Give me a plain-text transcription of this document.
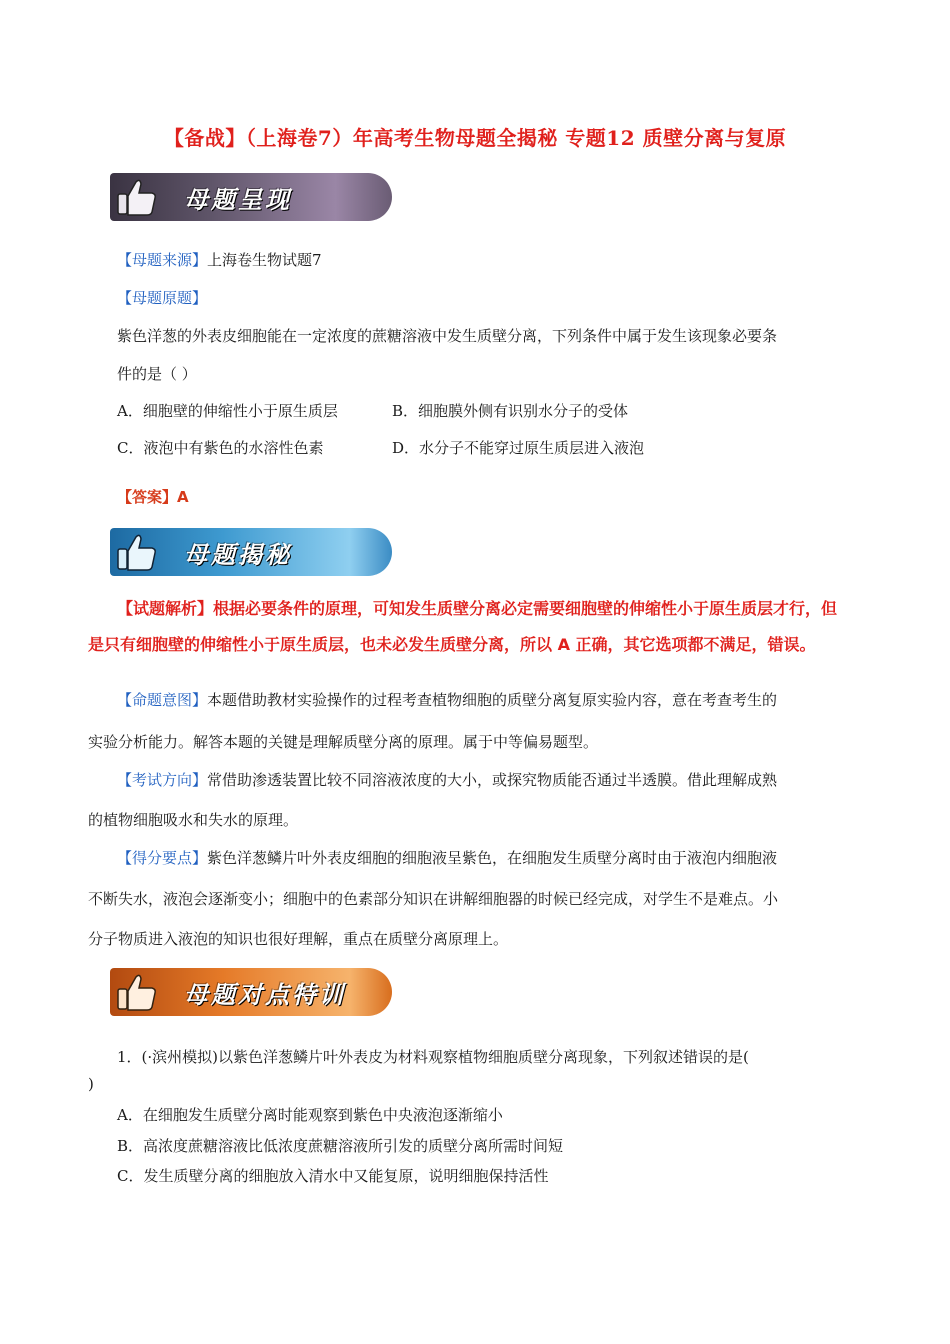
【备战】（上海卷7）年高考生物母题全揭秘 专题12 质壁分离与复原
母题呈现
【母题来源】上海卷生物试题7
【母题原题】
紫色洋葱的外表皮细胞能在一定浓度的蔗糖溶液中发生质壁分离，下列条件中属于发生该现象必要条
件的是（ ）
A．细胞壁的伸缩性小于原生质层	B．细胞膜外侧有识别水分子的受体
C．液泡中有紫色的水溶性色素	D．水分子不能穿过原生质层进入液泡
【答案】A
母题揭秘
【试题解析】根据必要条件的原理，可知发生质壁分离必定需要细胞壁的伸缩性小于原生质层才行，但
是只有细胞壁的伸缩性小于原生质层，也未必发生质壁分离，所以 A 正确，其它选项都不满足，错误。
【命题意图】本题借助教材实验操作的过程考查植物细胞的质壁分离复原实验内容，意在考查考生的
实验分析能力。解答本题的关键是理解质壁分离的原理。属于中等偏易题型。
【考试方向】常借助渗透装置比较不同溶液浓度的大小，或探究物质能否通过半透膜。借此理解成熟
的植物细胞吸水和失水的原理。
【得分要点】紫色洋葱鳞片叶外表皮细胞的细胞液呈紫色，在细胞发生质壁分离时由于液泡内细胞液
不断失水，液泡会逐渐变小；细胞中的色素部分知识在讲解细胞器的时候已经完成，对学生不是难点。小
分子物质进入液泡的知识也很好理解，重点在质壁分离原理上。
母题对点特训
1．(·滨州模拟)以紫色洋葱鳞片叶外表皮为材料观察植物细胞质壁分离现象，下列叙述错误的是(
)
A．在细胞发生质壁分离时能观察到紫色中央液泡逐渐缩小
B．高浓度蔗糖溶液比低浓度蔗糖溶液所引发的质壁分离所需时间短
C．发生质壁分离的细胞放入清水中又能复原，说明细胞保持活性
